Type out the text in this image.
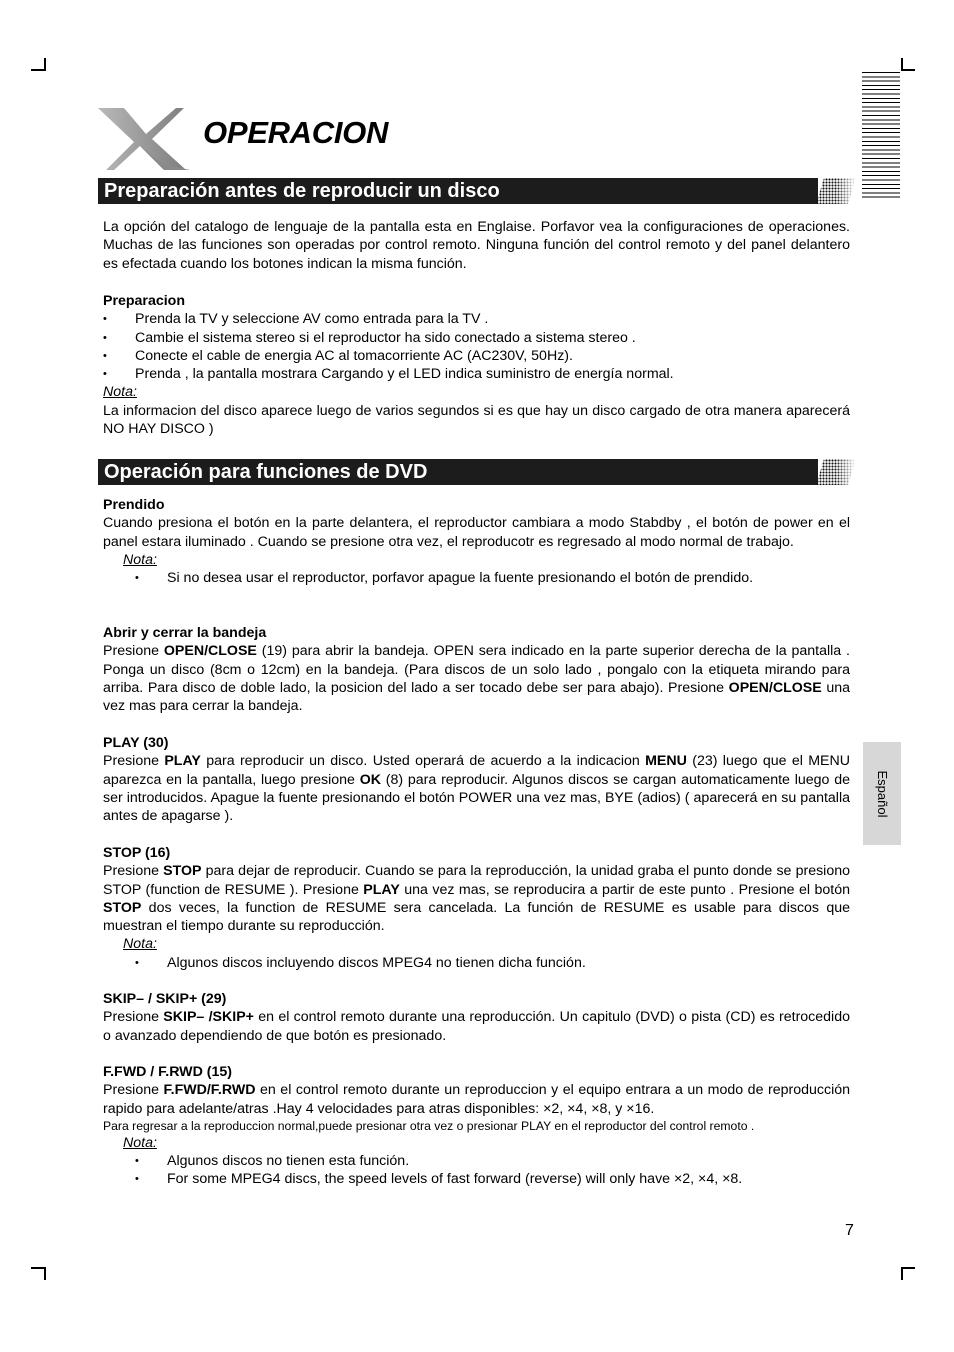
OPERACION
Preparación antes de reproducir un disco

La opción del catalogo de lenguaje de la pantalla esta en Englaise. Porfavor vea la configuraciones de operaciones. Muchas de las funciones son operadas por control remoto. Ninguna función del control remoto y del panel delantero es efectada cuando los botones indican la misma función.

Preparacion
• Prenda la TV y seleccione AV como entrada para la TV .
• Cambie el sistema stereo si el reproductor ha sido conectado a sistema stereo .
• Conecte el cable de energia AC al tomacorriente AC (AC230V, 50Hz).
• Prenda , la pantalla mostrara Cargando y el LED indica suministro de energía normal.
Nota:

La informacion del disco aparece luego de varios segundos si es que hay un disco cargado de otra manera aparecerá NO HAY DISCO )

Operación para funciones de DVD
Prendido

Cuando presiona el botón en la parte delantera, el reproductor cambiara a modo Stabdby , el botón de power en el panel estara iluminado . Cuando se presione otra vez, el reproducotr es regresado al modo normal de trabajo.

Nota:
• Si no desea usar el reproductor, porfavor apague la fuente presionando el botón de prendido.
Abrir y cerrar la bandeja

Presione OPEN/CLOSE (19) para abrir la bandeja. OPEN sera indicado en la parte superior derecha de la pantalla . Ponga un disco (8cm o 12cm) en la bandeja. (Para discos de un solo lado , pongalo con la etiqueta mirando para arriba. Para disco de doble lado, la posicion del lado a ser tocado debe ser para abajo). Presione OPEN/CLOSE una vez mas para cerrar la bandeja.

PLAY (30)

Presione PLAY para reproducir un disco. Usted operará de acuerdo a la indicacion MENU (23) luego que el MENU aparezca en la pantalla, luego presione OK (8) para reproducir. Algunos discos se cargan automaticamente luego de ser introducidos. Apague la fuente presionando el botón POWER una vez mas, BYE (adios) ( aparecerá en su pantalla antes de apagarse ).

STOP (16)

Presione STOP para dejar de reproducir. Cuando se para la reproducción, la unidad graba el punto donde se presiono STOP (function de RESUME ). Presione PLAY una vez mas, se reproducira a partir de este punto . Presione el botón STOP dos veces, la function de RESUME sera cancelada. La función de RESUME es usable para discos que muestran el tiempo durante su reproducción.

Nota:
• Algunos discos incluyendo discos MPEG4 no tienen dicha función.
SKIP– / SKIP+ (29)

Presione SKIP– /SKIP+ en el control remoto durante una reproducción. Un capitulo (DVD) o pista (CD) es retrocedido o avanzado dependiendo de que botón es presionado.

F.FWD / F.RWD (15)

Presione F.FWD/F.RWD en el control remoto durante un reproduccion y el equipo entrara a un modo de reproducción rapido para adelante/atras .Hay 4 velocidades para atras disponibles: ×2, ×4, ×8, y ×16.

Para regresar a la reproduccion normal,puede presionar otra vez o presionar PLAY en el reproductor del control remoto .

Nota:
• Algunos discos no tienen esta función.
• For some MPEG4 discs, the speed levels of fast forward (reverse) will only have ×2, ×4, ×8.
Español
7
